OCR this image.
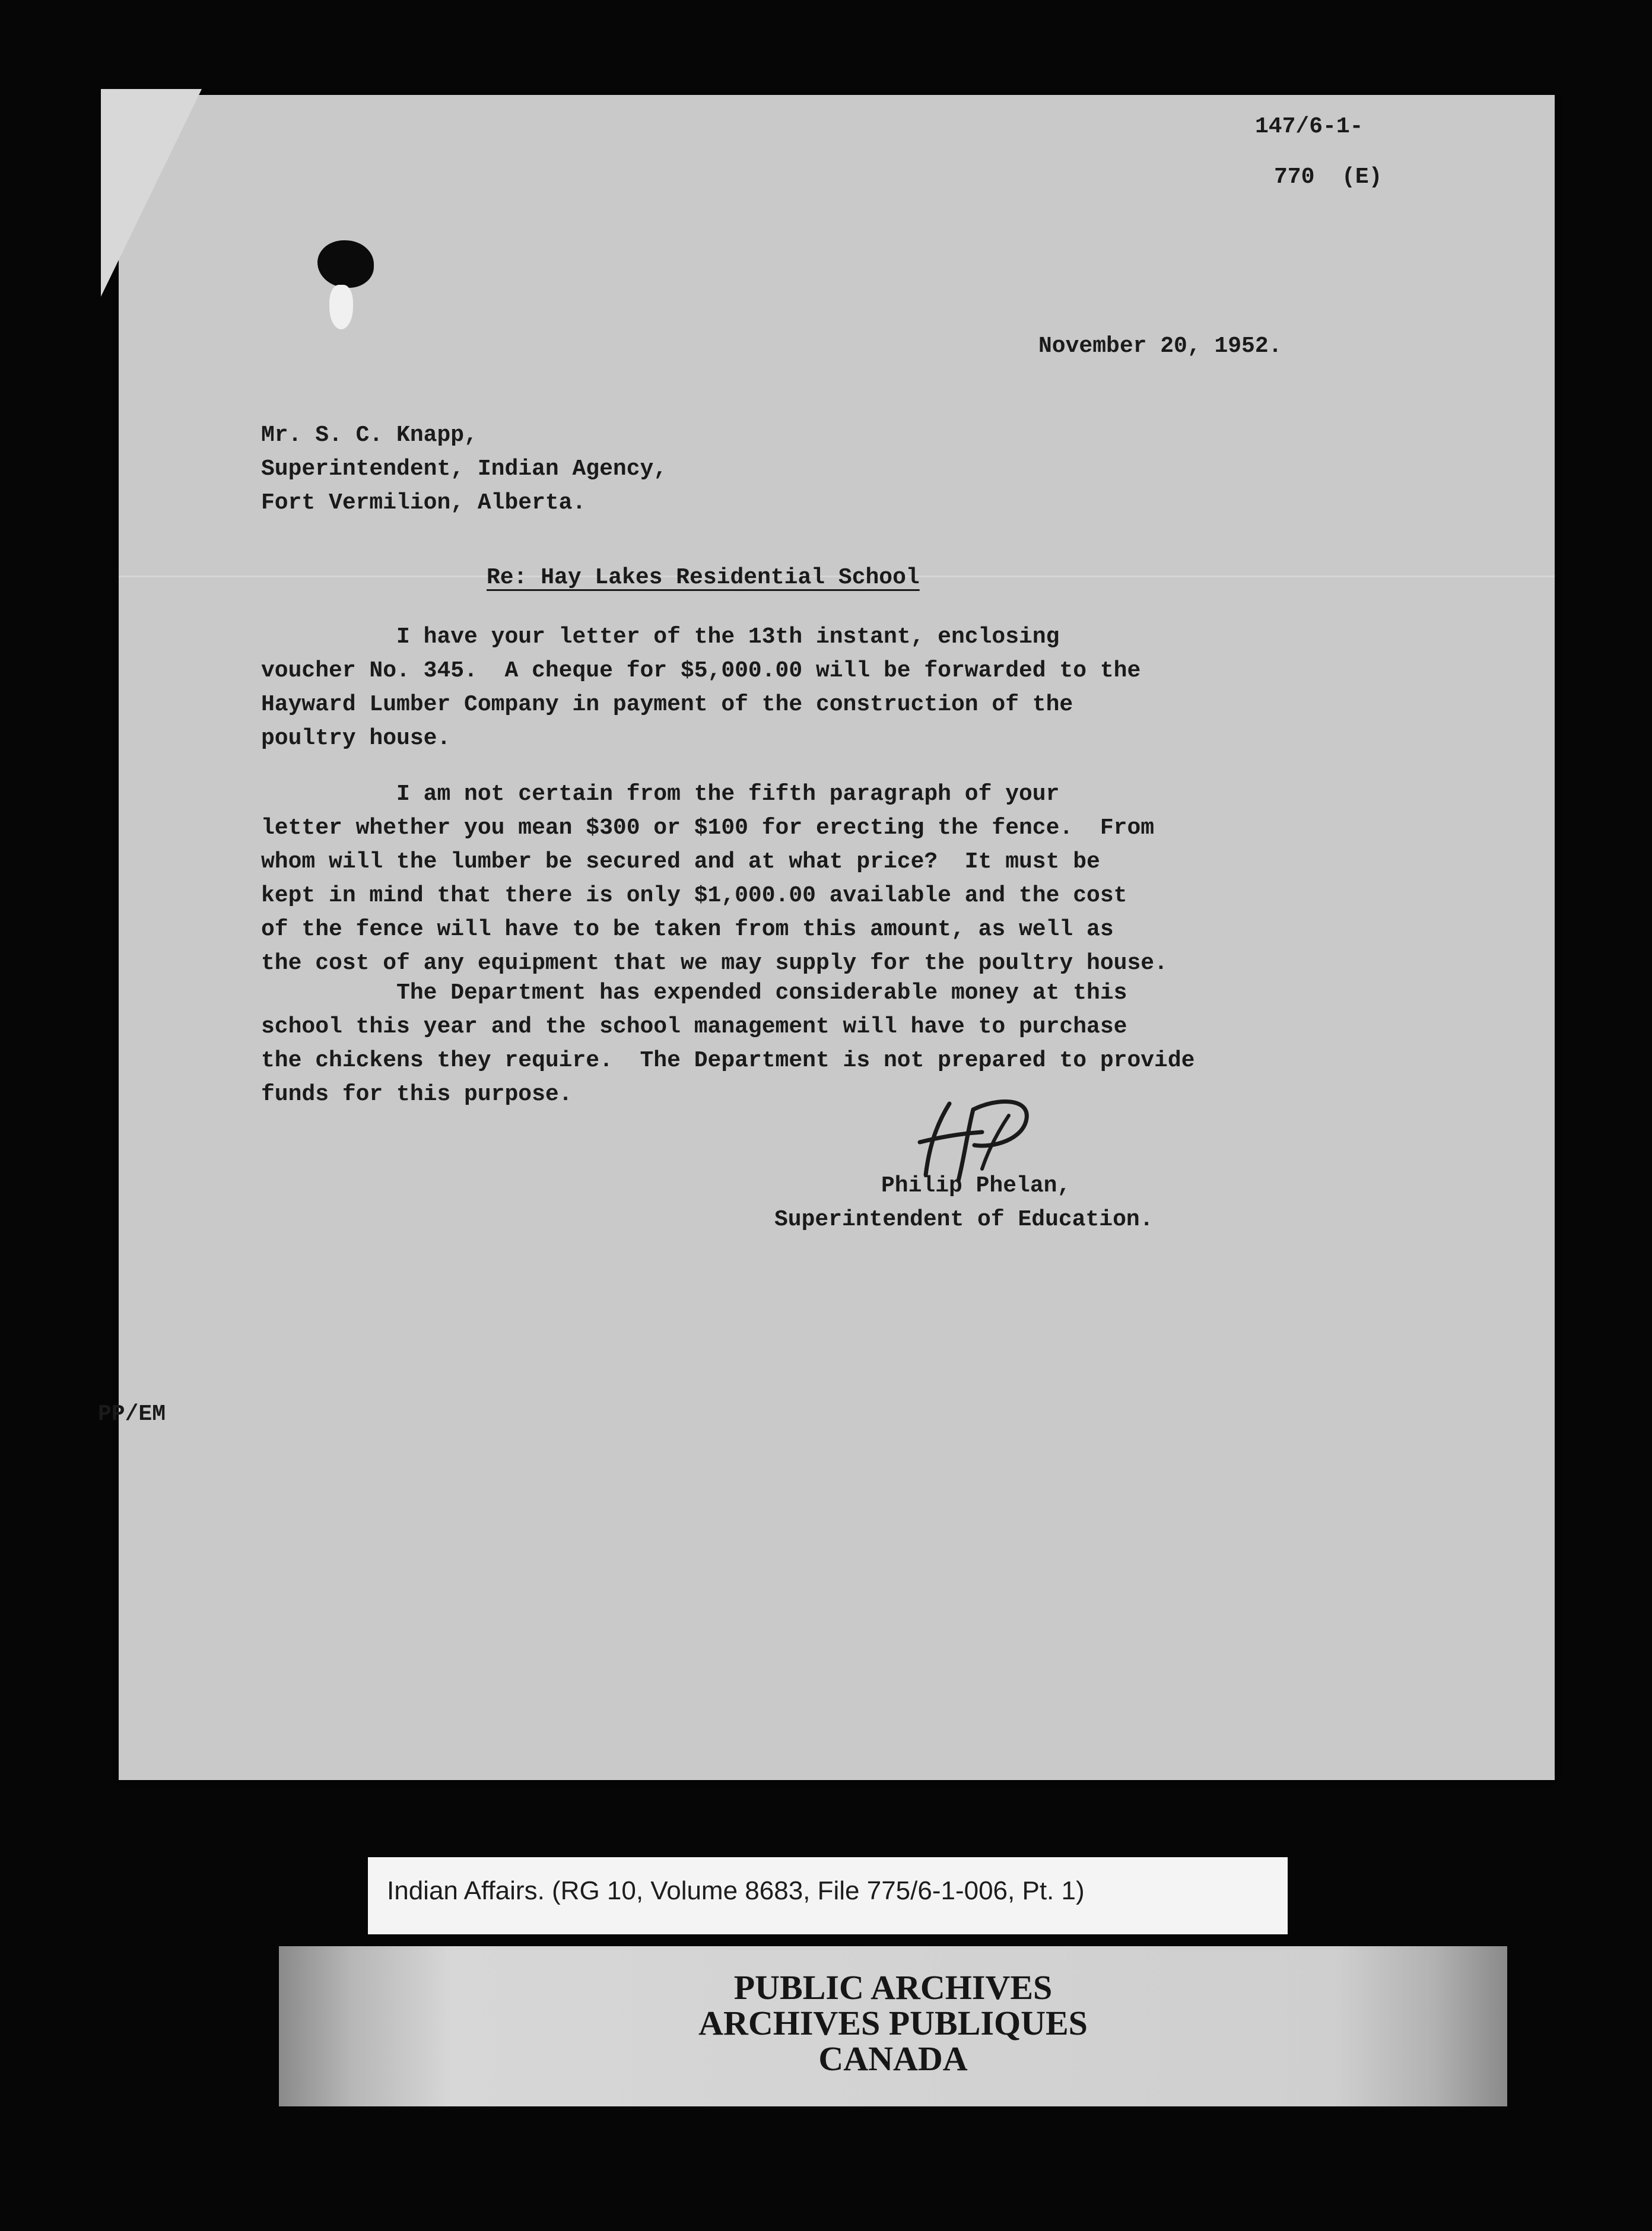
147/6-1-
770  (E)
November 20, 1952.
Mr. S. C. Knapp,
Superintendent, Indian Agency,
Fort Vermilion, Alberta.
Re: Hay Lakes Residential School
I have your letter of the 13th instant, enclosing
voucher No. 345.  A cheque for $5,000.00 will be forwarded to the
Hayward Lumber Company in payment of the construction of the
poultry house.
I am not certain from the fifth paragraph of your
letter whether you mean $300 or $100 for erecting the fence.  From
whom will the lumber be secured and at what price?  It must be
kept in mind that there is only $1,000.00 available and the cost
of the fence will have to be taken from this amount, as well as
the cost of any equipment that we may supply for the poultry house.
The Department has expended considerable money at this
school this year and the school management will have to purchase
the chickens they require.  The Department is not prepared to provide
funds for this purpose.
Philip Phelan,
Superintendent of Education.
PP/EM
Indian Affairs. (RG 10, Volume 8683, File 775/6-1-006, Pt. 1)
PUBLIC ARCHIVES
ARCHIVES PUBLIQUES
CANADA
